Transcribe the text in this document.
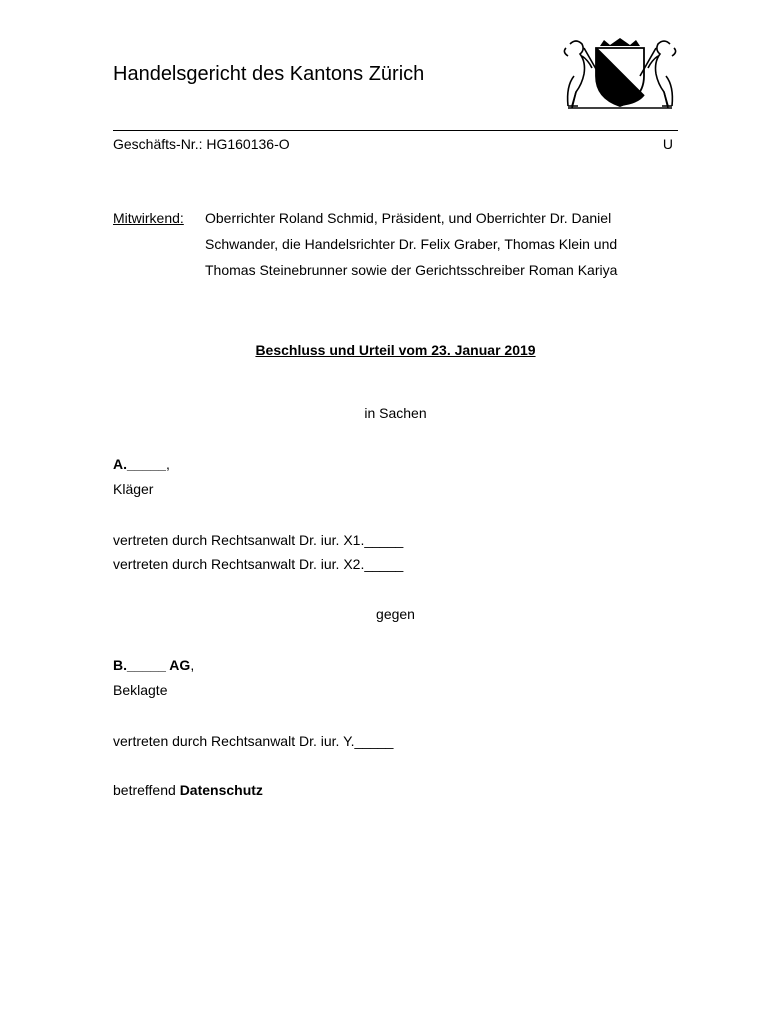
Handelsgericht des Kantons Zürich
Geschäfts-Nr.: HG160136-O	U
Mitwirkend: Oberrichter Roland Schmid, Präsident, und Oberrichter Dr. Daniel
Schwander, die Handelsrichter Dr. Felix Graber, Thomas Klein und
Thomas Steinebrunner sowie der Gerichtsschreiber Roman Kariya
Beschluss und Urteil vom 23. Januar 2019
in Sachen
A._____,
Kläger
vertreten durch Rechtsanwalt Dr. iur. X1._____
vertreten durch Rechtsanwalt Dr. iur. X2._____
gegen
B._____ AG,
Beklagte
vertreten durch Rechtsanwalt Dr. iur. Y._____
betreffend Datenschutz
